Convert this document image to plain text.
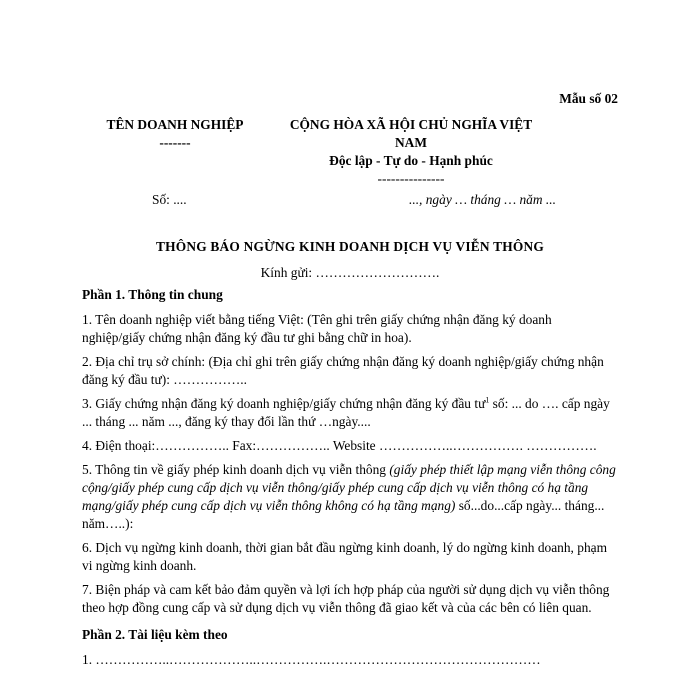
Mẫu số 02
TÊN DOANH NGHIỆP
-------
CỘNG HÒA XÃ HỘI CHỦ NGHĨA VIỆT
NAM
Độc lập - Tự do - Hạnh phúc
---------------
Số: ....	..., ngày … tháng … năm ...
THÔNG BÁO NGỪNG KINH DOANH DỊCH VỤ VIỄN THÔNG
Kính gửi: ……………………….
Phần 1. Thông tin chung

1. Tên doanh nghiệp viết bằng tiếng Việt: (Tên ghi trên giấy chứng nhận đăng ký doanh nghiệp/giấy chứng nhận đăng ký đầu tư ghi bằng chữ in hoa).

2. Địa chỉ trụ sở chính: (Địa chỉ ghi trên giấy chứng nhận đăng ký doanh nghiệp/giấy chứng nhận đăng ký đầu tư): ……………..

3. Giấy chứng nhận đăng ký doanh nghiệp/giấy chứng nhận đăng ký đầu $tư^1$ số: ... do …. cấp ngày ... tháng ... năm ..., đăng ký thay đổi lần thứ …ngày....

4. Điện thoại:…………….. Fax:…………….. Website ……………..……………. …………….

5. Thông tin về giấy phép kinh doanh dịch vụ viễn thông (giấy phép thiết lập mạng viễn thông công cộng/giấy phép cung cấp dịch vụ viễn thông/giấy phép cung cấp dịch vụ viễn thông có hạ tầng mạng/giấy phép cung cấp dịch vụ viễn thông không có hạ tầng mạng) số...do...cấp ngày... tháng... năm…..):

6. Dịch vụ ngừng kinh doanh, thời gian bắt đầu ngừng kinh doanh, lý do ngừng kinh doanh, phạm vi ngừng kinh doanh.

7. Biện pháp và cam kết bảo đảm quyền và lợi ích hợp pháp của người sử dụng dịch vụ viễn thông theo hợp đồng cung cấp và sử dụng dịch vụ viễn thông đã giao kết và của các bên có liên quan.

Phần 2. Tài liệu kèm theo

1. ……………..………………..…………….…………………………………………
